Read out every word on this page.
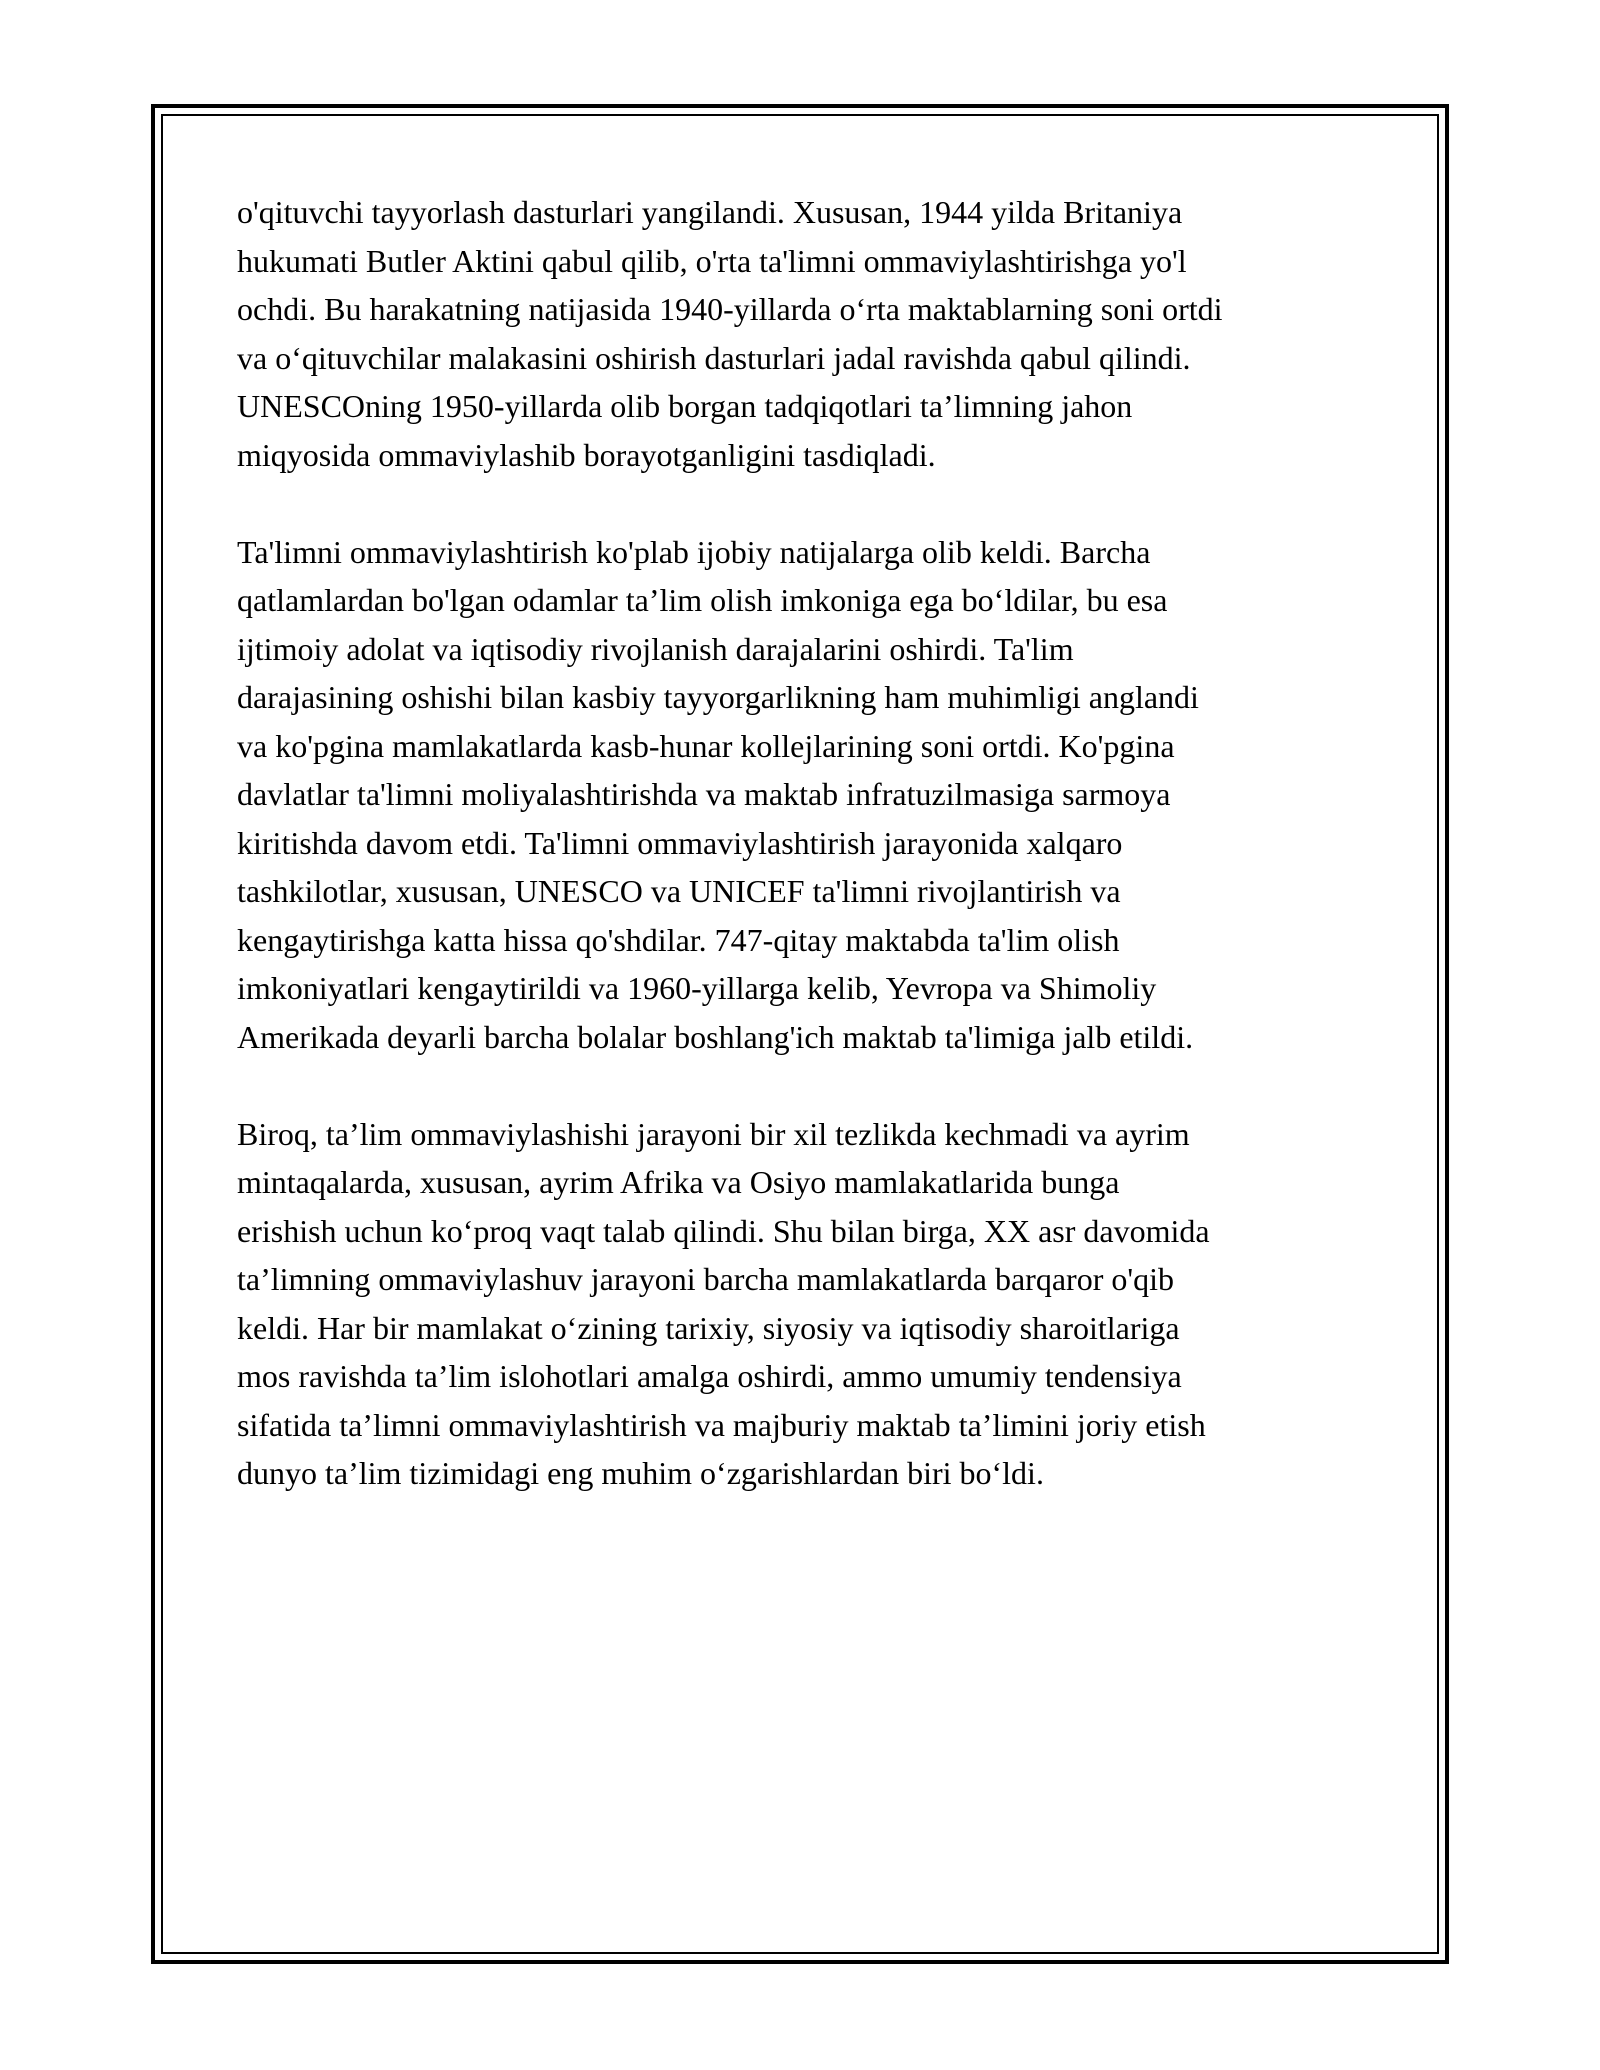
o'qituvchi tayyorlash dasturlari yangilandi. Xususan, 1944 yilda Britaniya
hukumati Butler Aktini qabul qilib, o'rta ta'limni ommaviylashtirishga yo'l
ochdi. Bu harakatning natijasida 1940-yillarda o‘rta maktablarning soni ortdi
va o‘qituvchilar malakasini oshirish dasturlari jadal ravishda qabul qilindi.
UNESCOning 1950-yillarda olib borgan tadqiqotlari ta’limning jahon
miqyosida ommaviylashib borayotganligini tasdiqladi.

Ta'limni ommaviylashtirish ko'plab ijobiy natijalarga olib keldi. Barcha
qatlamlardan bo'lgan odamlar ta’lim olish imkoniga ega bo‘ldilar, bu esa
ijtimoiy adolat va iqtisodiy rivojlanish darajalarini oshirdi. Ta'lim
darajasining oshishi bilan kasbiy tayyorgarlikning ham muhimligi anglandi
va ko'pgina mamlakatlarda kasb-hunar kollejlarining soni ortdi. Ko'pgina
davlatlar ta'limni moliyalashtirishda va maktab infratuzilmasiga sarmoya
kiritishda davom etdi. Ta'limni ommaviylashtirish jarayonida xalqaro
tashkilotlar, xususan, UNESCO va UNICEF ta'limni rivojlantirish va
kengaytirishga katta hissa qo'shdilar. 747-qitay maktabda ta'lim olish
imkoniyatlari kengaytirildi va 1960-yillarga kelib, Yevropa va Shimoliy
Amerikada deyarli barcha bolalar boshlang'ich maktab ta'limiga jalb etildi.

Biroq, ta’lim ommaviylashishi jarayoni bir xil tezlikda kechmadi va ayrim
mintaqalarda, xususan, ayrim Afrika va Osiyo mamlakatlarida bunga
erishish uchun ko‘proq vaqt talab qilindi. Shu bilan birga, XX asr davomida
ta’limning ommaviylashuv jarayoni barcha mamlakatlarda barqaror o'qib
keldi. Har bir mamlakat o‘zining tarixiy, siyosiy va iqtisodiy sharoitlariga
mos ravishda ta’lim islohotlari amalga oshirdi, ammo umumiy tendensiya
sifatida ta’limni ommaviylashtirish va majburiy maktab ta’limini joriy etish
dunyo ta’lim tizimidagi eng muhim o‘zgarishlardan biri bo‘ldi.
